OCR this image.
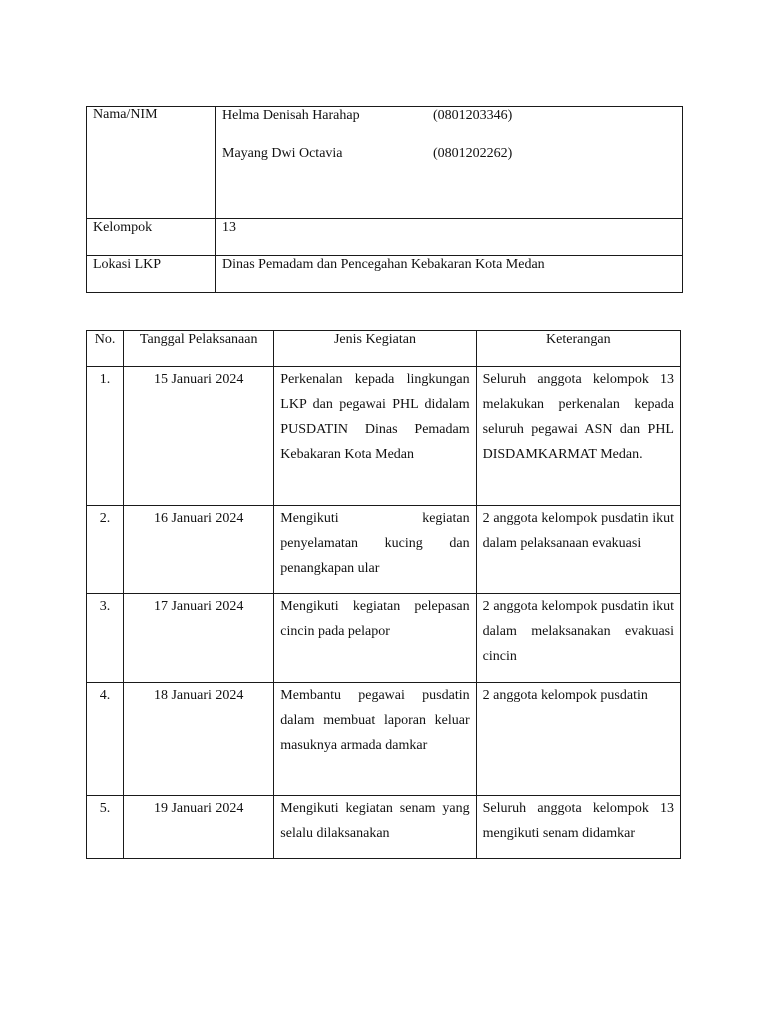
Nama/NIM	Helma Denisah Harahap (0801203346)
Mayang Dwi Octavia (0801202262)

Kelompok	13

Lokasi LKP	Dinas Pemadam dan Pencegahan Kebakaran Kota Medan
No.	Tanggal Pelaksanaan	Jenis Kegiatan	Keterangan
1.	15 Januari 2024	Perkenalan kepada lingkungan LKP dan pegawai PHL didalam PUSDATIN Dinas Pemadam Kebakaran Kota Medan	Seluruh anggota kelompok 13 melakukan perkenalan kepada seluruh pegawai ASN dan PHL DISDAMKARMAT Medan.

2.	16 Januari 2024	Mengikuti kegiatan penyelamatan kucing dan penangkapan ular	2 anggota kelompok pusdatin ikut dalam pelaksanaan evakuasi

3.	17 Januari 2024	Mengikuti kegiatan pelepasan cincin pada pelapor	2 anggota kelompok pusdatin ikut dalam melaksanakan evakuasi cincin

4.	18 Januari 2024	Membantu pegawai pusdatin dalam membuat laporan keluar masuknya armada damkar	2 anggota kelompok pusdatin

5.	19 Januari 2024	Mengikuti kegiatan senam yang selalu dilaksanakan	Seluruh anggota kelompok 13 mengikuti senam didamkar
